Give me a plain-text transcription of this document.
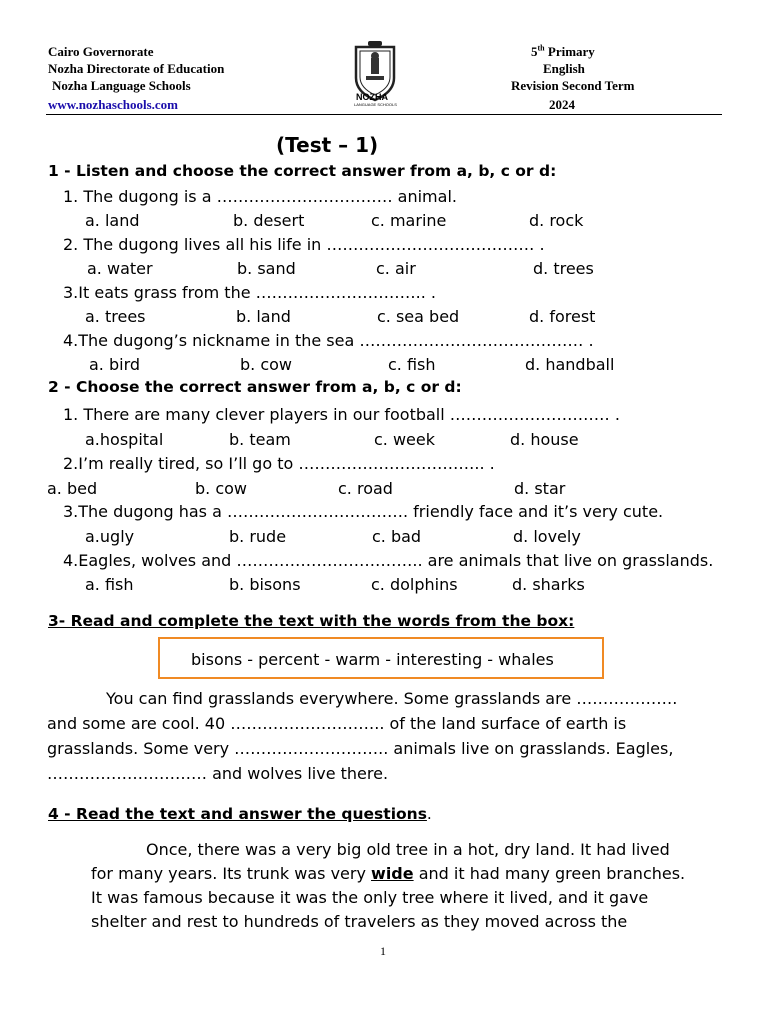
Cairo Governorate
Nozha Directorate of Education
Nozha Language Schools
www.nozhaschools.com	NOZHA
LANGUAGE SCHOOLS
5th Primary
English
Revision Second Term
2024
(Test – 1)
1 - Listen and choose the correct answer from a, b, c or d:
1. The dugong is a …………………………… animal.
a. land	b. desert	c. marine	d. rock
2. The dugong lives all his life in ………………………………… .
a. water	b. sand	c. air	d. trees
3.It eats grass from the ………………………….. .
a. trees	b. land	c. sea bed	d. forest
4.The dugong’s nickname in the sea …………………………………… .
a. bird	b. cow	c. fish	d. handball
2 - Choose the correct answer from a, b, c or d:
1. There are many clever players in our football ………………………… .
a.hospital	b. team	c. week	d. house
2.I’m really tired, so I’ll go to …………………………….. .
a. bed	b. cow	c. road	d. star
3.The dugong has a ……………………………. friendly face and it’s very cute.
a.ugly	b. rude	c. bad	d. lovely
4.Eagles, wolves and …………………………….. are animals that live on grasslands.
a. fish	b. bisons	c. dolphins	d. sharks
3- Read and complete the text with the words from the box:
bisons - percent - warm - interesting - whales
You can find grasslands everywhere. Some grasslands are ……………….
and some are cool. 40 ……………………….. of the land surface of earth is
grasslands. Some very ……………………….. animals live on grasslands. Eagles,
………………………… and wolves live there.
4 - Read the text and answer the questions.
Once, there was a very big old tree in a hot, dry land. It had lived
for many years. Its trunk was very wide and it had many green branches.
It was famous because it was the only tree where it lived, and it gave
shelter and rest to hundreds of travelers as they moved across the
1
